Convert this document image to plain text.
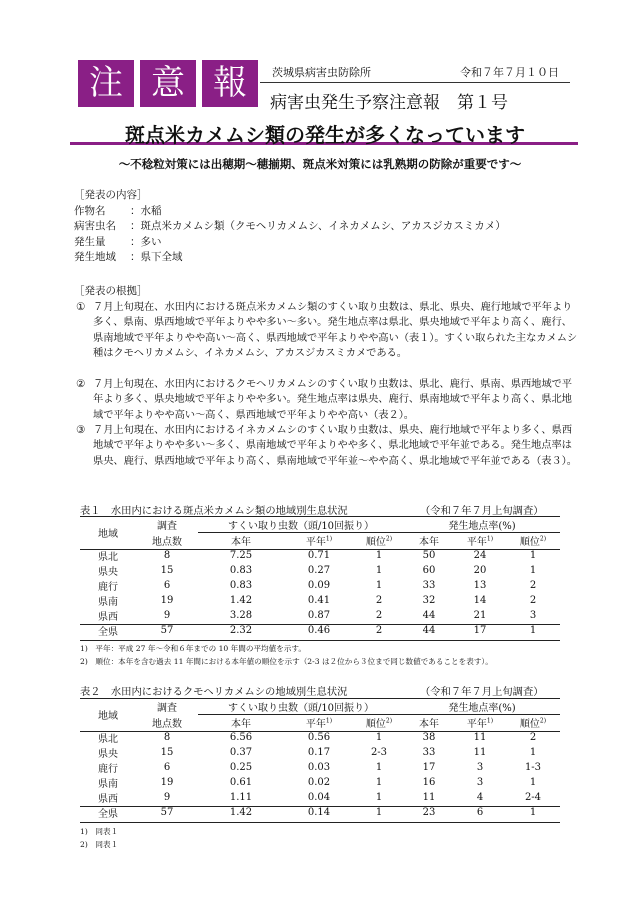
注 意 報	茨城県病害虫防除所	令和７年７月１０日
病害虫発生予察注意報　第１号
斑点米カメムシ類の発生が多くなっています
～不稔粒対策には出穂期～穂揃期、斑点米対策には乳熟期の防除が重要です～
［発表の内容］
作物名 ：水稲
病害虫名 ：斑点米カメムシ類（クモヘリカメムシ、イネカメムシ、アカスジカスミカメ）
発生量 ：多い
発生地域 ：県下全域
［発表の根拠］
① ７月上旬現在、水田内における斑点米カメムシ類のすくい取り虫数は、県北、県央、鹿行地域で平年より多く、県南、県西地域で平年よりやや多い～多い。発生地点率は県北、県央地域で平年より高く、鹿行、県南地域で平年よりやや高い～高く、県西地域で平年よりやや高い（表１）。すくい取られた主なカメムシ種はクモヘリカメムシ、イネカメムシ、アカスジカスミカメである。
② ７月上旬現在、水田内におけるクモヘリカメムシのすくい取り虫数は、県北、鹿行、県南、県西地域で平年より多く、県央地域で平年よりやや多い。発生地点率は県央、鹿行、県南地域で平年より高く、県北地域で平年よりやや高い～高く、県西地域で平年よりやや高い（表２）。
③ ７月上旬現在、水田内におけるイネカメムシのすくい取り虫数は、県央、鹿行地域で平年より多く、県西地域で平年よりやや多い～多く、県南地域で平年よりやや多く、県北地域で平年並である。発生地点率は県央、鹿行、県西地域で平年より高く、県南地域で平年並～やや高く、県北地域で平年並である（表３）。
表１　水田内における斑点米カメムシ類の地域別生息状況	（令和７年７月上旬調査）
地域	調査	すくい取り虫数（頭/10回振り）			発生地点率(%)		
	地点数	本年	平年$^{1)}$	順位$^{2)}$	本年	平年$^{1)}$	順位$^{2)}$
県北	8	7.25	0.71	1	50	24	1
県央	15	0.83	0.27	1	60	20	1
鹿行	6	0.83	0.09	1	33	13	2
県南	19	1.42	0.41	2	32	14	2
県西	9	3.28	0.87	2	44	21	3
全県	57	2.32	0.46	2	44	17	1
1)　平年：平成 27 年～令和６年までの 10 年間の平均値を示す。
2)　順位：本年を含む過去 11 年間における本年値の順位を示す（2-3 は２位から３位まで同じ数値であることを表す）。
表２　水田内におけるクモヘリカメムシの地域別生息状況	（令和７年７月上旬調査）
地域	調査	すくい取り虫数（頭/10回振り）			発生地点率(%)		
	地点数	本年	平年$^{1)}$	順位$^{2)}$	本年	平年$^{1)}$	順位$^{2)}$
県北	8	6.56	0.56	1	38	11	2
県央	15	0.37	0.17	2-3	33	11	1
鹿行	6	0.25	0.03	1	17	3	1-3
県南	19	0.61	0.02	1	16	3	1
県西	9	1.11	0.04	1	11	4	2-4
全県	57	1.42	0.14	1	23	6	1
1)　同表１
2)　同表１
